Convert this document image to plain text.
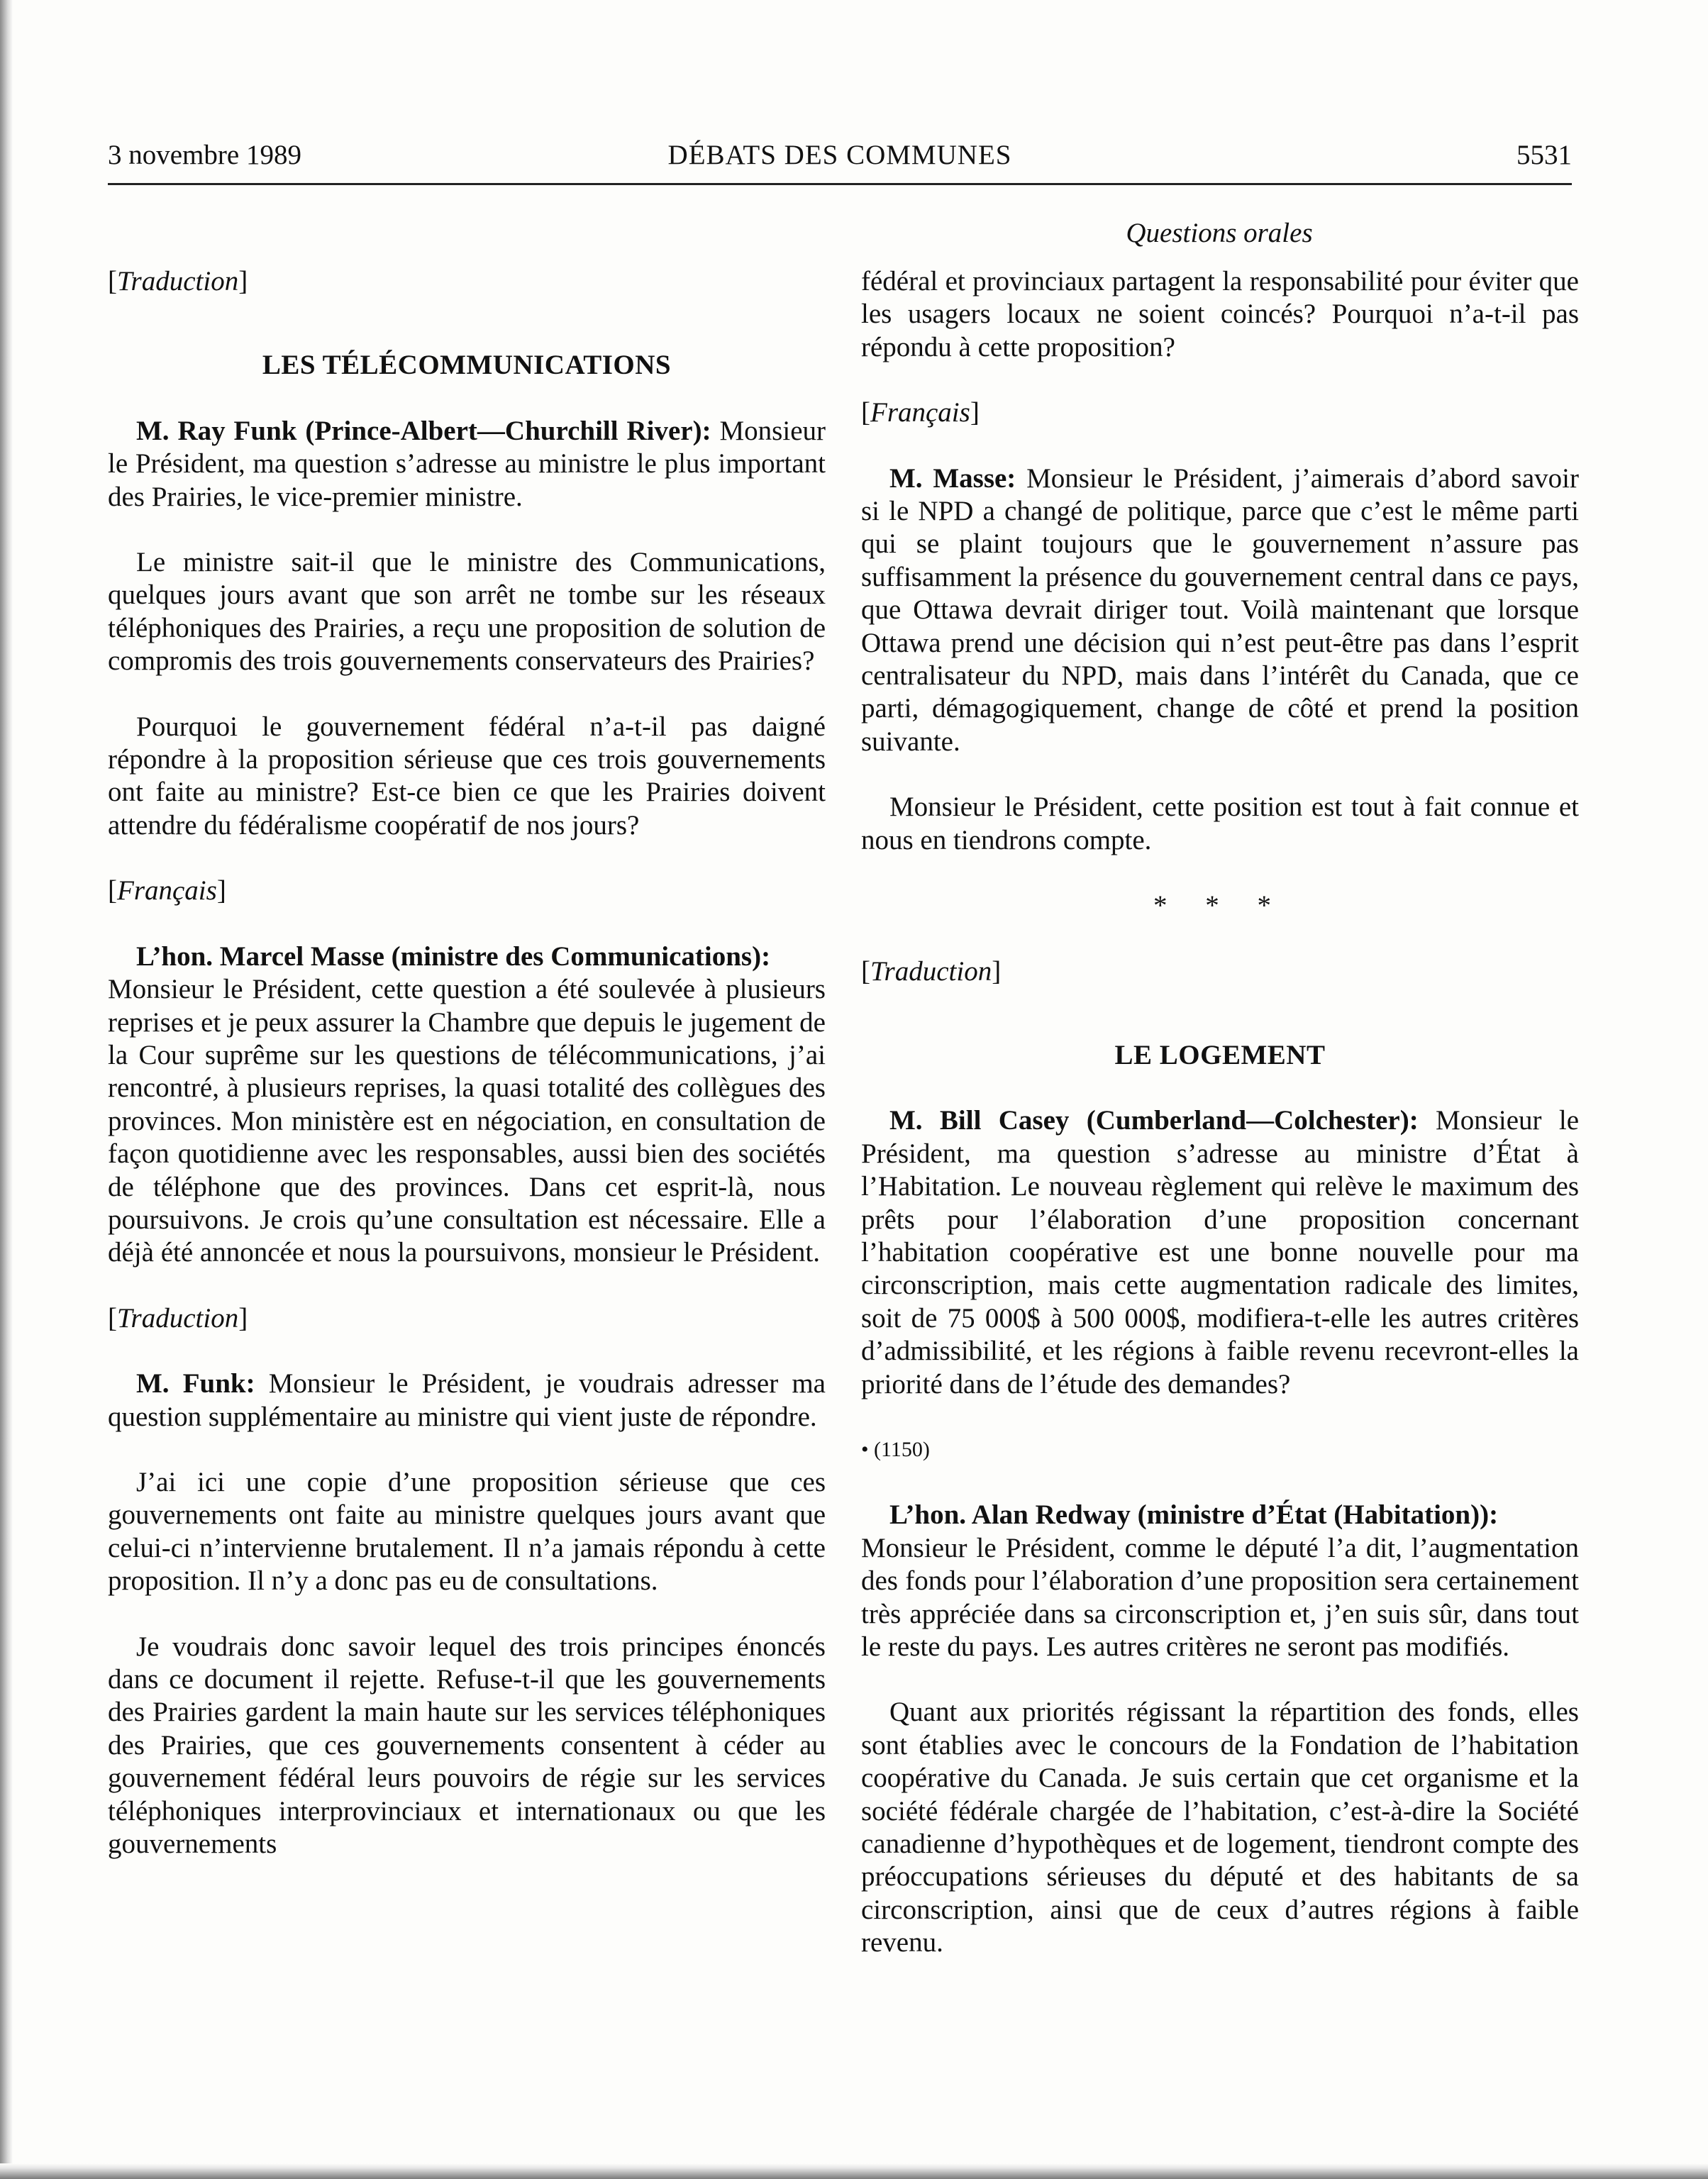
3 novembre 1989	DÉBATS DES COMMUNES	5531
Questions orales
[Traduction]
LES TÉLÉCOMMUNICATIONS

M. Ray Funk (Prince-Albert—Churchill River): Monsieur le Président, ma question s’adresse au ministre le plus important des Prairies, le vice-premier ministre.

Le ministre sait-il que le ministre des Communications, quelques jours avant que son arrêt ne tombe sur les réseaux téléphoniques des Prairies, a reçu une proposition de solution de compromis des trois gouvernements conservateurs des Prairies?

Pourquoi le gouvernement fédéral n’a-t-il pas daigné répondre à la proposition sérieuse que ces trois gouvernements ont faite au ministre? Est-ce bien ce que les Prairies doivent attendre du fédéralisme coopératif de nos jours?

[Français]

L’hon. Marcel Masse (ministre des Communications):

Monsieur le Président, cette question a été soulevée à plusieurs reprises et je peux assurer la Chambre que depuis le jugement de la Cour suprême sur les questions de télécommunications, j’ai rencontré, à plusieurs reprises, la quasi totalité des collègues des provinces. Mon ministère est en négociation, en consultation de façon quotidienne avec les responsables, aussi bien des sociétés de téléphone que des provinces. Dans cet esprit-là, nous poursuivons. Je crois qu’une consultation est nécessaire. Elle a déjà été annoncée et nous la poursuivons, monsieur le Président.

[Traduction]

M. Funk: Monsieur le Président, je voudrais adresser ma question supplémentaire au ministre qui vient juste de répondre.

J’ai ici une copie d’une proposition sérieuse que ces gouvernements ont faite au ministre quelques jours avant que celui-ci n’intervienne brutalement. Il n’a jamais répondu à cette proposition. Il n’y a donc pas eu de consultations.

Je voudrais donc savoir lequel des trois principes énoncés dans ce document il rejette. Refuse-t-il que les gouvernements des Prairies gardent la main haute sur les services téléphoniques des Prairies, que ces gouvernements consentent à céder au gouvernement fédéral leurs pouvoirs de régie sur les services téléphoniques interprovinciaux et internationaux ou que les gouvernements

fédéral et provinciaux partagent la responsabilité pour éviter que les usagers locaux ne soient coincés? Pourquoi n’a-t-il pas répondu à cette proposition?

[Français]

M. Masse: Monsieur le Président, j’aimerais d’abord savoir si le NPD a changé de politique, parce que c’est le même parti qui se plaint toujours que le gouvernement n’assure pas suffisamment la présence du gouvernement central dans ce pays, que Ottawa devrait diriger tout. Voilà maintenant que lorsque Ottawa prend une décision qui n’est peut-être pas dans l’esprit centralisateur du NPD, mais dans l’intérêt du Canada, que ce parti, démagogiquement, change de côté et prend la position suivante.

Monsieur le Président, cette position est tout à fait connue et nous en tiendrons compte.

* * *
[Traduction]
LE LOGEMENT

M. Bill Casey (Cumberland—Colchester): Monsieur le Président, ma question s’adresse au ministre d’État à l’Habitation. Le nouveau règlement qui relève le maximum des prêts pour l’élaboration d’une proposition concernant l’habitation coopérative est une bonne nouvelle pour ma circonscription, mais cette augmentation radicale des limites, soit de 75 000$ à 500 000$, modifiera-t-elle les autres critères d’admissibilité, et les régions à faible revenu recevront-elles la priorité dans de l’étude des demandes?

• (1150)

L’hon. Alan Redway (ministre d’État (Habitation)):

Monsieur le Président, comme le député l’a dit, l’augmentation des fonds pour l’élaboration d’une proposition sera certainement très appréciée dans sa circonscription et, j’en suis sûr, dans tout le reste du pays. Les autres critères ne seront pas modifiés.

Quant aux priorités régissant la répartition des fonds, elles sont établies avec le concours de la Fondation de l’habitation coopérative du Canada. Je suis certain que cet organisme et la société fédérale chargée de l’habitation, c’est-à-dire la Société canadienne d’hypothèques et de logement, tiendront compte des préoccupations sérieuses du député et des habitants de sa circonscription, ainsi que de ceux d’autres régions à faible revenu.
